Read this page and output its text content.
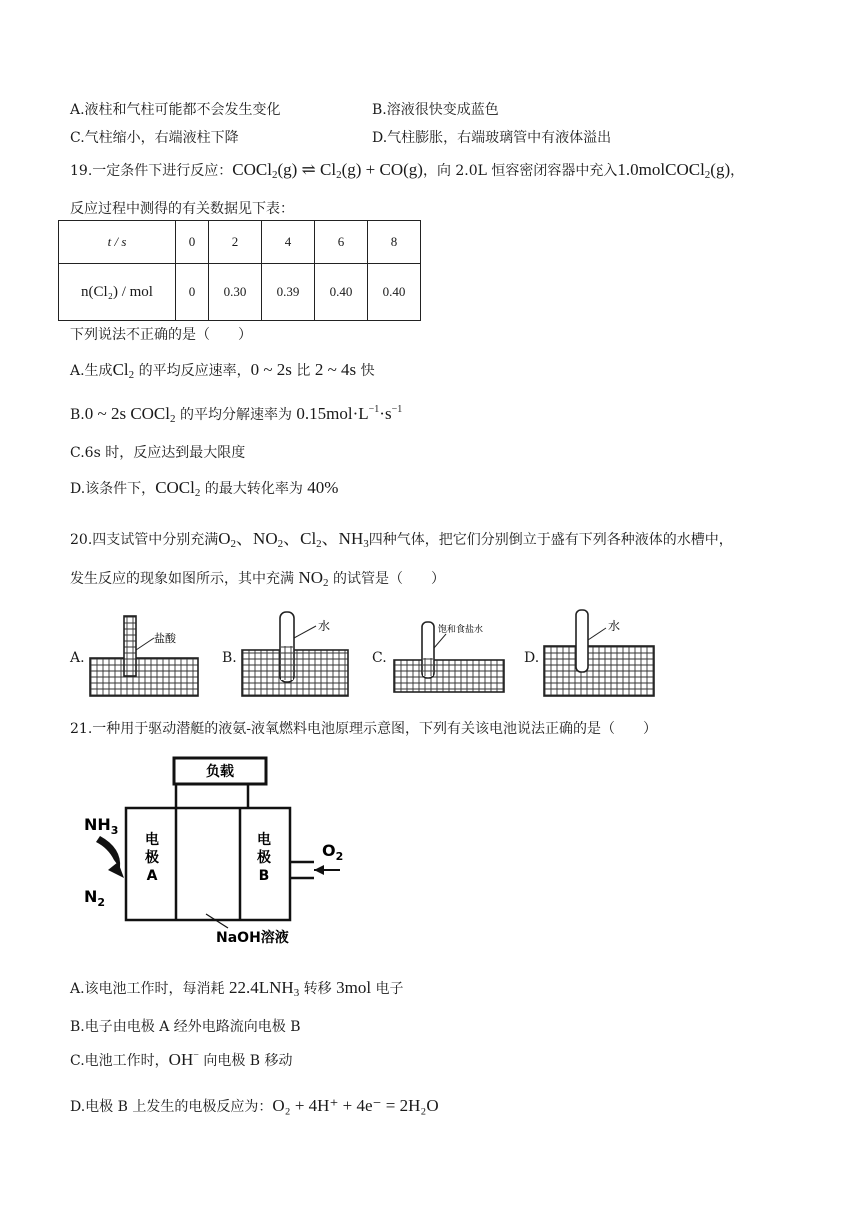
A.液柱和气柱可能都不会发生变化	B.溶液很快变成蓝色
C.气柱缩小，右端液柱下降	D.气柱膨胀，右端玻璃管中有液体溢出
19.一定条件下进行反应：COCl$_2$(g) ⇌ $Cl_2(g) + CO(g)$，向 2.0L 恒容密闭容器中充入1.0molCOCl$_2$(g)，
反应过程中测得的有关数据见下表：
t / s	0	2	4	6	8
n(Cl₂) / mol	0	0.30	0.39	0.40	0.40
下列说法不正确的是（　　）
A.生成$Cl_2$ 的平均反应速率，0 ~ 2s 比 2 ~ 4s 快
B.0 ~ 2s COCl$_2$ 的平均分解速率为 $0.15mol\cdot L^{-1}\cdot s^{-1}$
C.6s 时，反应达到最大限度
D.该条件下，COCl$_2$ 的最大转化率为 40%
20.四支试管中分别充满$O_2$、$NO_2$、$Cl_2$、$NH_3$四种气体，把它们分别倒立于盛有下列各种液体的水槽中，
发生反应的现象如图所示，其中充满 $NO_2$ 的试管是（　　）
A.
盐酸
B.
水
C.
饱和食盐水
D.
水
21.一种用于驱动潜艇的液氨-液氧燃料电池原理示意图，下列有关该电池说法正确的是（　　）
负载
电极 A
电极 B
$NH_3$
$N_2$
$O_2$
NaOH溶液
A.该电池工作时，每消耗 $22.4LNH_3$ 转移 3mol 电子
B.电子由电极 A 经外电路流向电极 B
C.电池工作时，OH− 向电极 B 移动
D.电极 B 上发生的电极反应为：O₂ + 4H⁺ + 4e⁻ = 2H₂O
